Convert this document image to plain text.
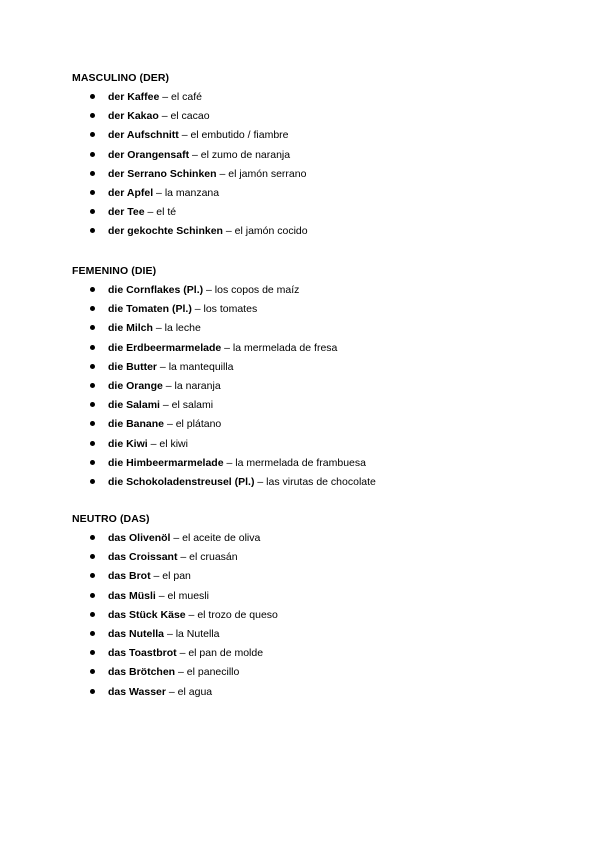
MASCULINO (DER)
der Kaffee – el café
der Kakao – el cacao
der Aufschnitt – el embutido / fiambre
der Orangensaft – el zumo de naranja
der Serrano Schinken – el jamón serrano
der Apfel – la manzana
der Tee – el té
der gekochte Schinken – el jamón cocido
FEMENINO (DIE)
die Cornflakes (Pl.) – los copos de maíz
die Tomaten (Pl.) – los tomates
die Milch – la leche
die Erdbeermarmelade – la mermelada de fresa
die Butter – la mantequilla
die Orange – la naranja
die Salami – el salami
die Banane – el plátano
die Kiwi – el kiwi
die Himbeermarmelade – la mermelada de frambuesa
die Schokoladenstreusel (Pl.) – las virutas de chocolate
NEUTRO (DAS)
das Olivenöl – el aceite de oliva
das Croissant – el cruasán
das Brot – el pan
das Müsli – el muesli
das Stück Käse – el trozo de queso
das Nutella – la Nutella
das Toastbrot – el pan de molde
das Brötchen – el panecillo
das Wasser – el agua
